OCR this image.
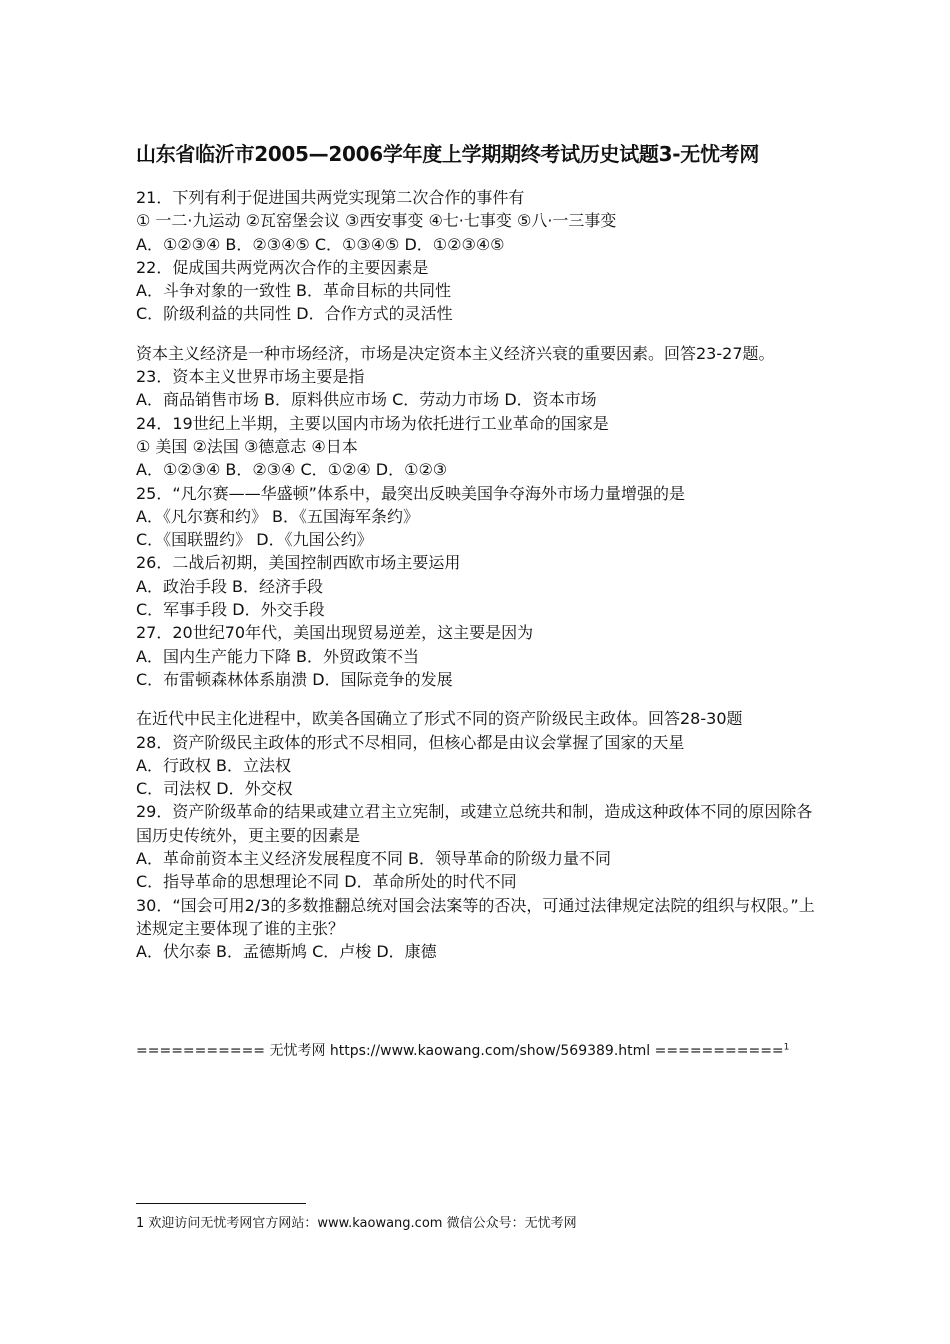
山东省临沂市2005—2006学年度上学期期终考试历史试题3-无忧考网
21．下列有利于促进国共两党实现第二次合作的事件有
① 一二·九运动 ②瓦窑堡会议 ③西安事变 ④七·七事变 ⑤八·一三事变
A．①②③④ B．②③④⑤ C．①③④⑤ D．①②③④⑤
22．促成国共两党两次合作的主要因素是
A．斗争对象的一致性 B．革命目标的共同性
C．阶级利益的共同性 D．合作方式的灵活性
资本主义经济是一种市场经济，市场是决定资本主义经济兴衰的重要因素。回答23-27题。
23．资本主义世界市场主要是指
A．商品销售市场 B．原料供应市场 C．劳动力市场 D．资本市场
24．19世纪上半期，主要以国内市场为依托进行工业革命的国家是
① 美国 ②法国 ③德意志 ④日本
A．①②③④ B．②③④ C．①②④ D．①②③
25．“凡尔赛——华盛顿”体系中，最突出反映美国争夺海外市场力量增强的是
A．《凡尔赛和约》 B．《五国海军条约》
C．《国联盟约》 D．《九国公约》
26．二战后初期，美国控制西欧市场主要运用
A．政治手段 B．经济手段
C．军事手段 D．外交手段
27．20世纪70年代，美国出现贸易逆差，这主要是因为
A．国内生产能力下降 B．外贸政策不当
C．布雷顿森林体系崩溃 D．国际竞争的发展
在近代中民主化进程中，欧美各国确立了形式不同的资产阶级民主政体。回答28-30题
28．资产阶级民主政体的形式不尽相同，但核心都是由议会掌握了国家的天星
A．行政权 B．立法权
C．司法权 D．外交权
29．资产阶级革命的结果或建立君主立宪制，或建立总统共和制，造成这种政体不同的原因除各国历史传统外，更主要的因素是
A．革命前资本主义经济发展程度不同 B．领导革命的阶级力量不同
C．指导革命的思想理论不同 D．革命所处的时代不同
30．“国会可用2/3的多数推翻总统对国会法案等的否决，可通过法律规定法院的组织与权限。”上述规定主要体现了谁的主张？
A．伏尔泰 B．孟德斯鸠 C．卢梭 D．康德
=========== 无忧考网 https://www.kaowang.com/show/569389.html ===========$^1$
1 欢迎访问无忧考网官方网站：www.kaowang.com 微信公众号：无忧考网
